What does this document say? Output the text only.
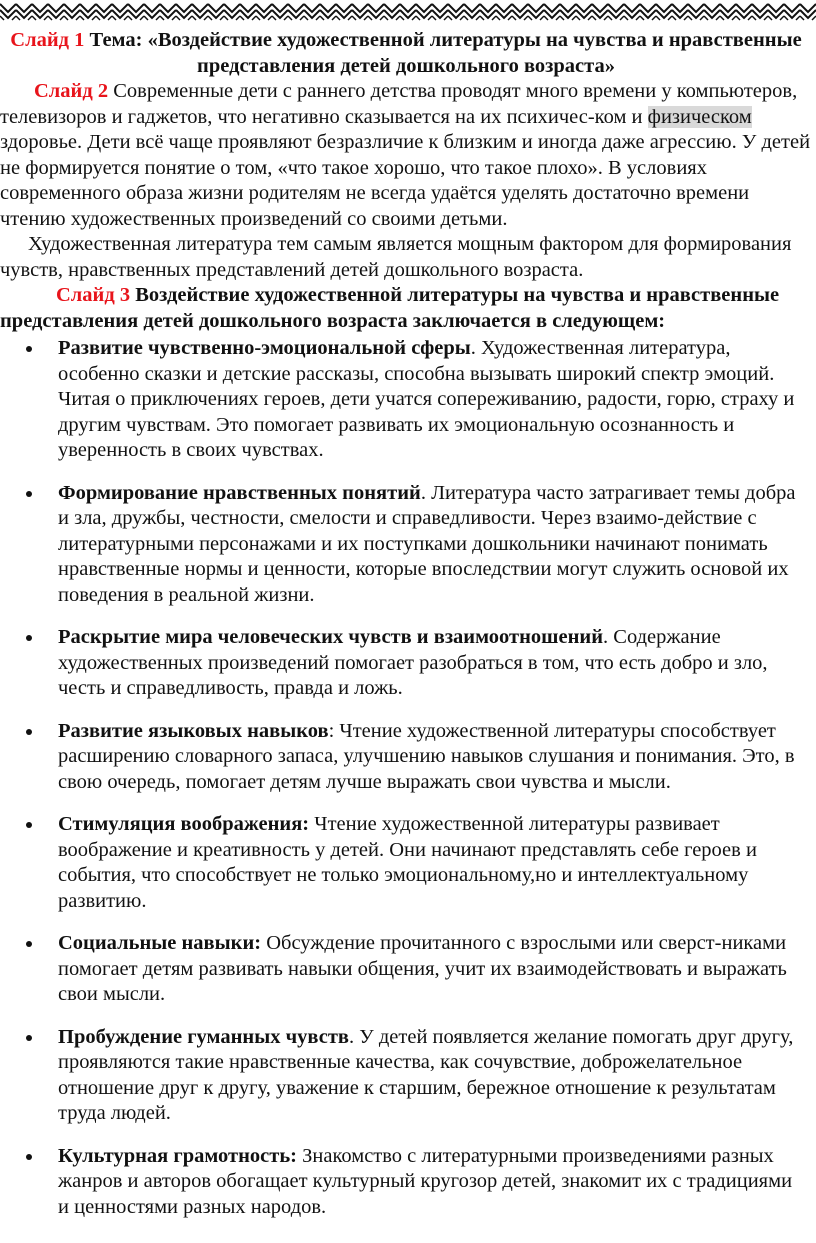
Слайд 1 Тема: «Воздействие художественной литературы на чувства и нравственные представления детей дошкольного возраста»

Слайд 2 Современные дети с раннего детства проводят много времени у компьютеров, телевизоров и гаджетов, что негативно сказывается на их психичес-ком и физическом здоровье. Дети всё чаще проявляют безразличие к близким и иногда даже агрессию. У детей не формируется понятие о том, «что такое хорошо, что такое плохо». В условиях современного образа жизни родителям не всегда удаётся уделять достаточно времени чтению художественных произведений со своими детьми.

Художественная литература тем самым является мощным фактором для формирования чувств, нравственных представлений детей дошкольного возраста.

Слайд 3 Воздействие художественной литературы на чувства и нравственные представления детей дошкольного возраста заключается в следующем:

Развитие чувственно-эмоциональной сферы. Художественная литература, особенно сказки и детские рассказы, способна вызывать широкий спектр эмоций. Читая о приключениях героев, дети учатся сопереживанию, радости, горю, страху и другим чувствам. Это помогает развивать их эмоциональную осознанность и уверенность в своих чувствах.
Формирование нравственных понятий. Литература часто затрагивает темы добра и зла, дружбы, честности, смелости и справедливости. Через взаимо-действие с литературными персонажами и их поступками дошкольники начинают понимать нравственные нормы и ценности, которые впоследствии могут служить основой их поведения в реальной жизни.
Раскрытие мира человеческих чувств и взаимоотношений. Содержание художественных произведений помогает разобраться в том, что есть добро и зло, честь и справедливость, правда и ложь.
Развитие языковых навыков: Чтение художественной литературы способствует расширению словарного запаса, улучшению навыков слушания и понимания. Это, в свою очередь, помогает детям лучше выражать свои чувства и мысли.
Стимуляция воображения: Чтение художественной литературы развивает воображение и креативность у детей. Они начинают представлять себе героев и события, что способствует не только эмоциональному,но и интеллектуальному развитию.
Социальные навыки: Обсуждение прочитанного с взрослыми или сверст-никами помогает детям развивать навыки общения, учит их взаимодействовать и выражать свои мысли.
Пробуждение гуманных чувств. У детей появляется желание помогать друг другу, проявляются такие нравственные качества, как сочувствие, доброжелательное отношение друг к другу, уважение к старшим, бережное отношение к результатам труда людей.
Культурная грамотность: Знакомство с литературными произведениями разных жанров и авторов обогащает культурный кругозор детей, знакомит их с традициями и ценностями разных народов.
